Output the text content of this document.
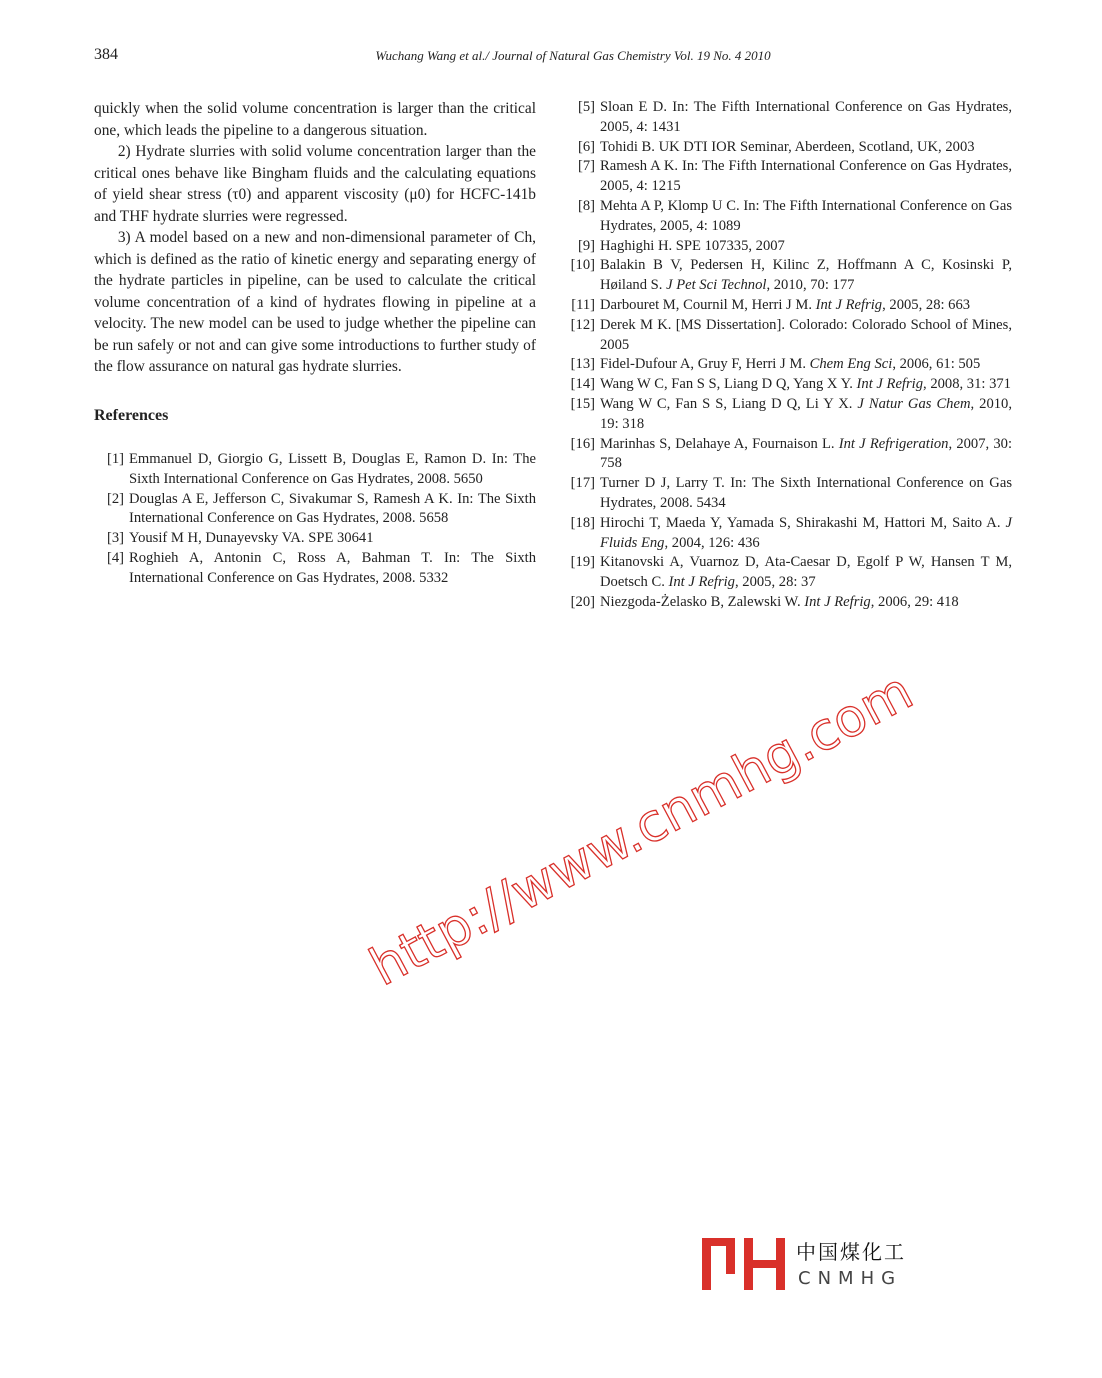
384	Wuchang Wang et al./ Journal of Natural Gas Chemistry Vol. 19 No. 4 2010

quickly when the solid volume concentration is larger than the critical one, which leads the pipeline to a dangerous situation.

2) Hydrate slurries with solid volume concentration larger than the critical ones behave like Bingham fluids and the calculating equations of yield shear stress (τ0) and apparent viscosity (μ0) for HCFC-141b and THF hydrate slurries were regressed.

3) A model based on a new and non-dimensional parameter of Ch, which is defined as the ratio of kinetic energy and separating energy of the hydrate particles in pipeline, can be used to calculate the critical volume concentration of a kind of hydrates flowing in pipeline at a velocity. The new model can be used to judge whether the pipeline can be run safely or not and can give some introductions to further study of the flow assurance on natural gas hydrate slurries.

References
[1] Emmanuel D, Giorgio G, Lissett B, Douglas E, Ramon D. In: The Sixth International Conference on Gas Hydrates, 2008. 5650
[2] Douglas A E, Jefferson C, Sivakumar S, Ramesh A K. In: The Sixth International Conference on Gas Hydrates, 2008. 5658
[3] Yousif M H, Dunayevsky VA. SPE 30641
[4] Roghieh A, Antonin C, Ross A, Bahman T. In: The Sixth International Conference on Gas Hydrates, 2008. 5332
[5] Sloan E D. In: The Fifth International Conference on Gas Hydrates, 2005, 4: 1431
[6] Tohidi B. UK DTI IOR Seminar, Aberdeen, Scotland, UK, 2003
[7] Ramesh A K. In: The Fifth International Conference on Gas Hydrates, 2005, 4: 1215
[8] Mehta A P, Klomp U C. In: The Fifth International Conference on Gas Hydrates, 2005, 4: 1089
[9] Haghighi H. SPE 107335, 2007
[10] Balakin B V, Pedersen H, Kilinc Z, Hoffmann A C, Kosinski P, Høiland S. J Pet Sci Technol, 2010, 70: 177
[11] Darbouret M, Cournil M, Herri J M. Int J Refrig, 2005, 28: 663
[12] Derek M K. [MS Dissertation]. Colorado: Colorado School of Mines, 2005
[13] Fidel-Dufour A, Gruy F, Herri J M. Chem Eng Sci, 2006, 61: 505
[14] Wang W C, Fan S S, Liang D Q, Yang X Y. Int J Refrig, 2008, 31: 371
[15] Wang W C, Fan S S, Liang D Q, Li Y X. J Natur Gas Chem, 2010, 19: 318
[16] Marinhas S, Delahaye A, Fournaison L. Int J Refrigeration, 2007, 30: 758
[17] Turner D J, Larry T. In: The Sixth International Conference on Gas Hydrates, 2008. 5434
[18] Hirochi T, Maeda Y, Yamada S, Shirakashi M, Hattori M, Saito A. J Fluids Eng, 2004, 126: 436
[19] Kitanovski A, Vuarnoz D, Ata-Caesar D, Egolf P W, Hansen T M, Doetsch C. Int J Refrig, 2005, 28: 37
[20] Niezgoda-Żelasko B, Zalewski W. Int J Refrig, 2006, 29: 418
http://www.cnmhg.com
中国煤化工
CNMHG
